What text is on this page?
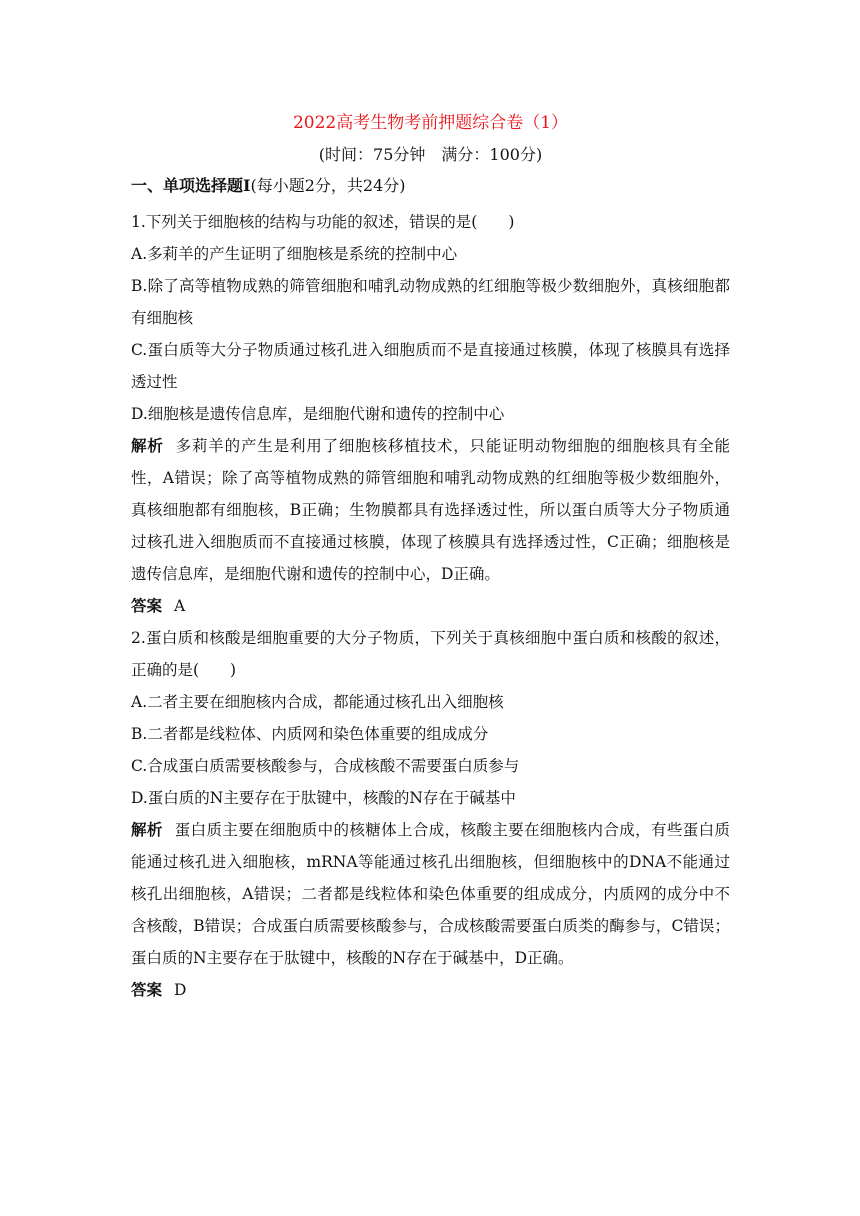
2022高考生物考前押题综合卷（1）
(时间：75分钟　满分：100分)
一、单项选择题Ⅰ(每小题2分，共24分)

1.下列关于细胞核的结构与功能的叙述，错误的是(　　)

A.多莉羊的产生证明了细胞核是系统的控制中心

B.除了高等植物成熟的筛管细胞和哺乳动物成熟的红细胞等极少数细胞外，真核细胞都有细胞核

C.蛋白质等大分子物质通过核孔进入细胞质而不是直接通过核膜，体现了核膜具有选择透过性

D.细胞核是遗传信息库，是细胞代谢和遗传的控制中心

解析 多莉羊的产生是利用了细胞核移植技术，只能证明动物细胞的细胞核具有全能性，A错误；除了高等植物成熟的筛管细胞和哺乳动物成熟的红细胞等极少数细胞外，真核细胞都有细胞核，B正确；生物膜都具有选择透过性，所以蛋白质等大分子物质通过核孔进入细胞质而不直接通过核膜，体现了核膜具有选择透过性，C正确；细胞核是遗传信息库，是细胞代谢和遗传的控制中心，D正确。

答案 A

2.蛋白质和核酸是细胞重要的大分子物质，下列关于真核细胞中蛋白质和核酸的叙述，正确的是(　　)

A.二者主要在细胞核内合成，都能通过核孔出入细胞核

B.二者都是线粒体、内质网和染色体重要的组成成分

C.合成蛋白质需要核酸参与，合成核酸不需要蛋白质参与

D.蛋白质的N主要存在于肽键中，核酸的N存在于碱基中

解析 蛋白质主要在细胞质中的核糖体上合成，核酸主要在细胞核内合成，有些蛋白质能通过核孔进入细胞核，mRNA等能通过核孔出细胞核，但细胞核中的DNA不能通过核孔出细胞核，A错误；二者都是线粒体和染色体重要的组成成分，内质网的成分中不含核酸，B错误；合成蛋白质需要核酸参与，合成核酸需要蛋白质类的酶参与，C错误；蛋白质的N主要存在于肽键中，核酸的N存在于碱基中，D正确。

答案 D
